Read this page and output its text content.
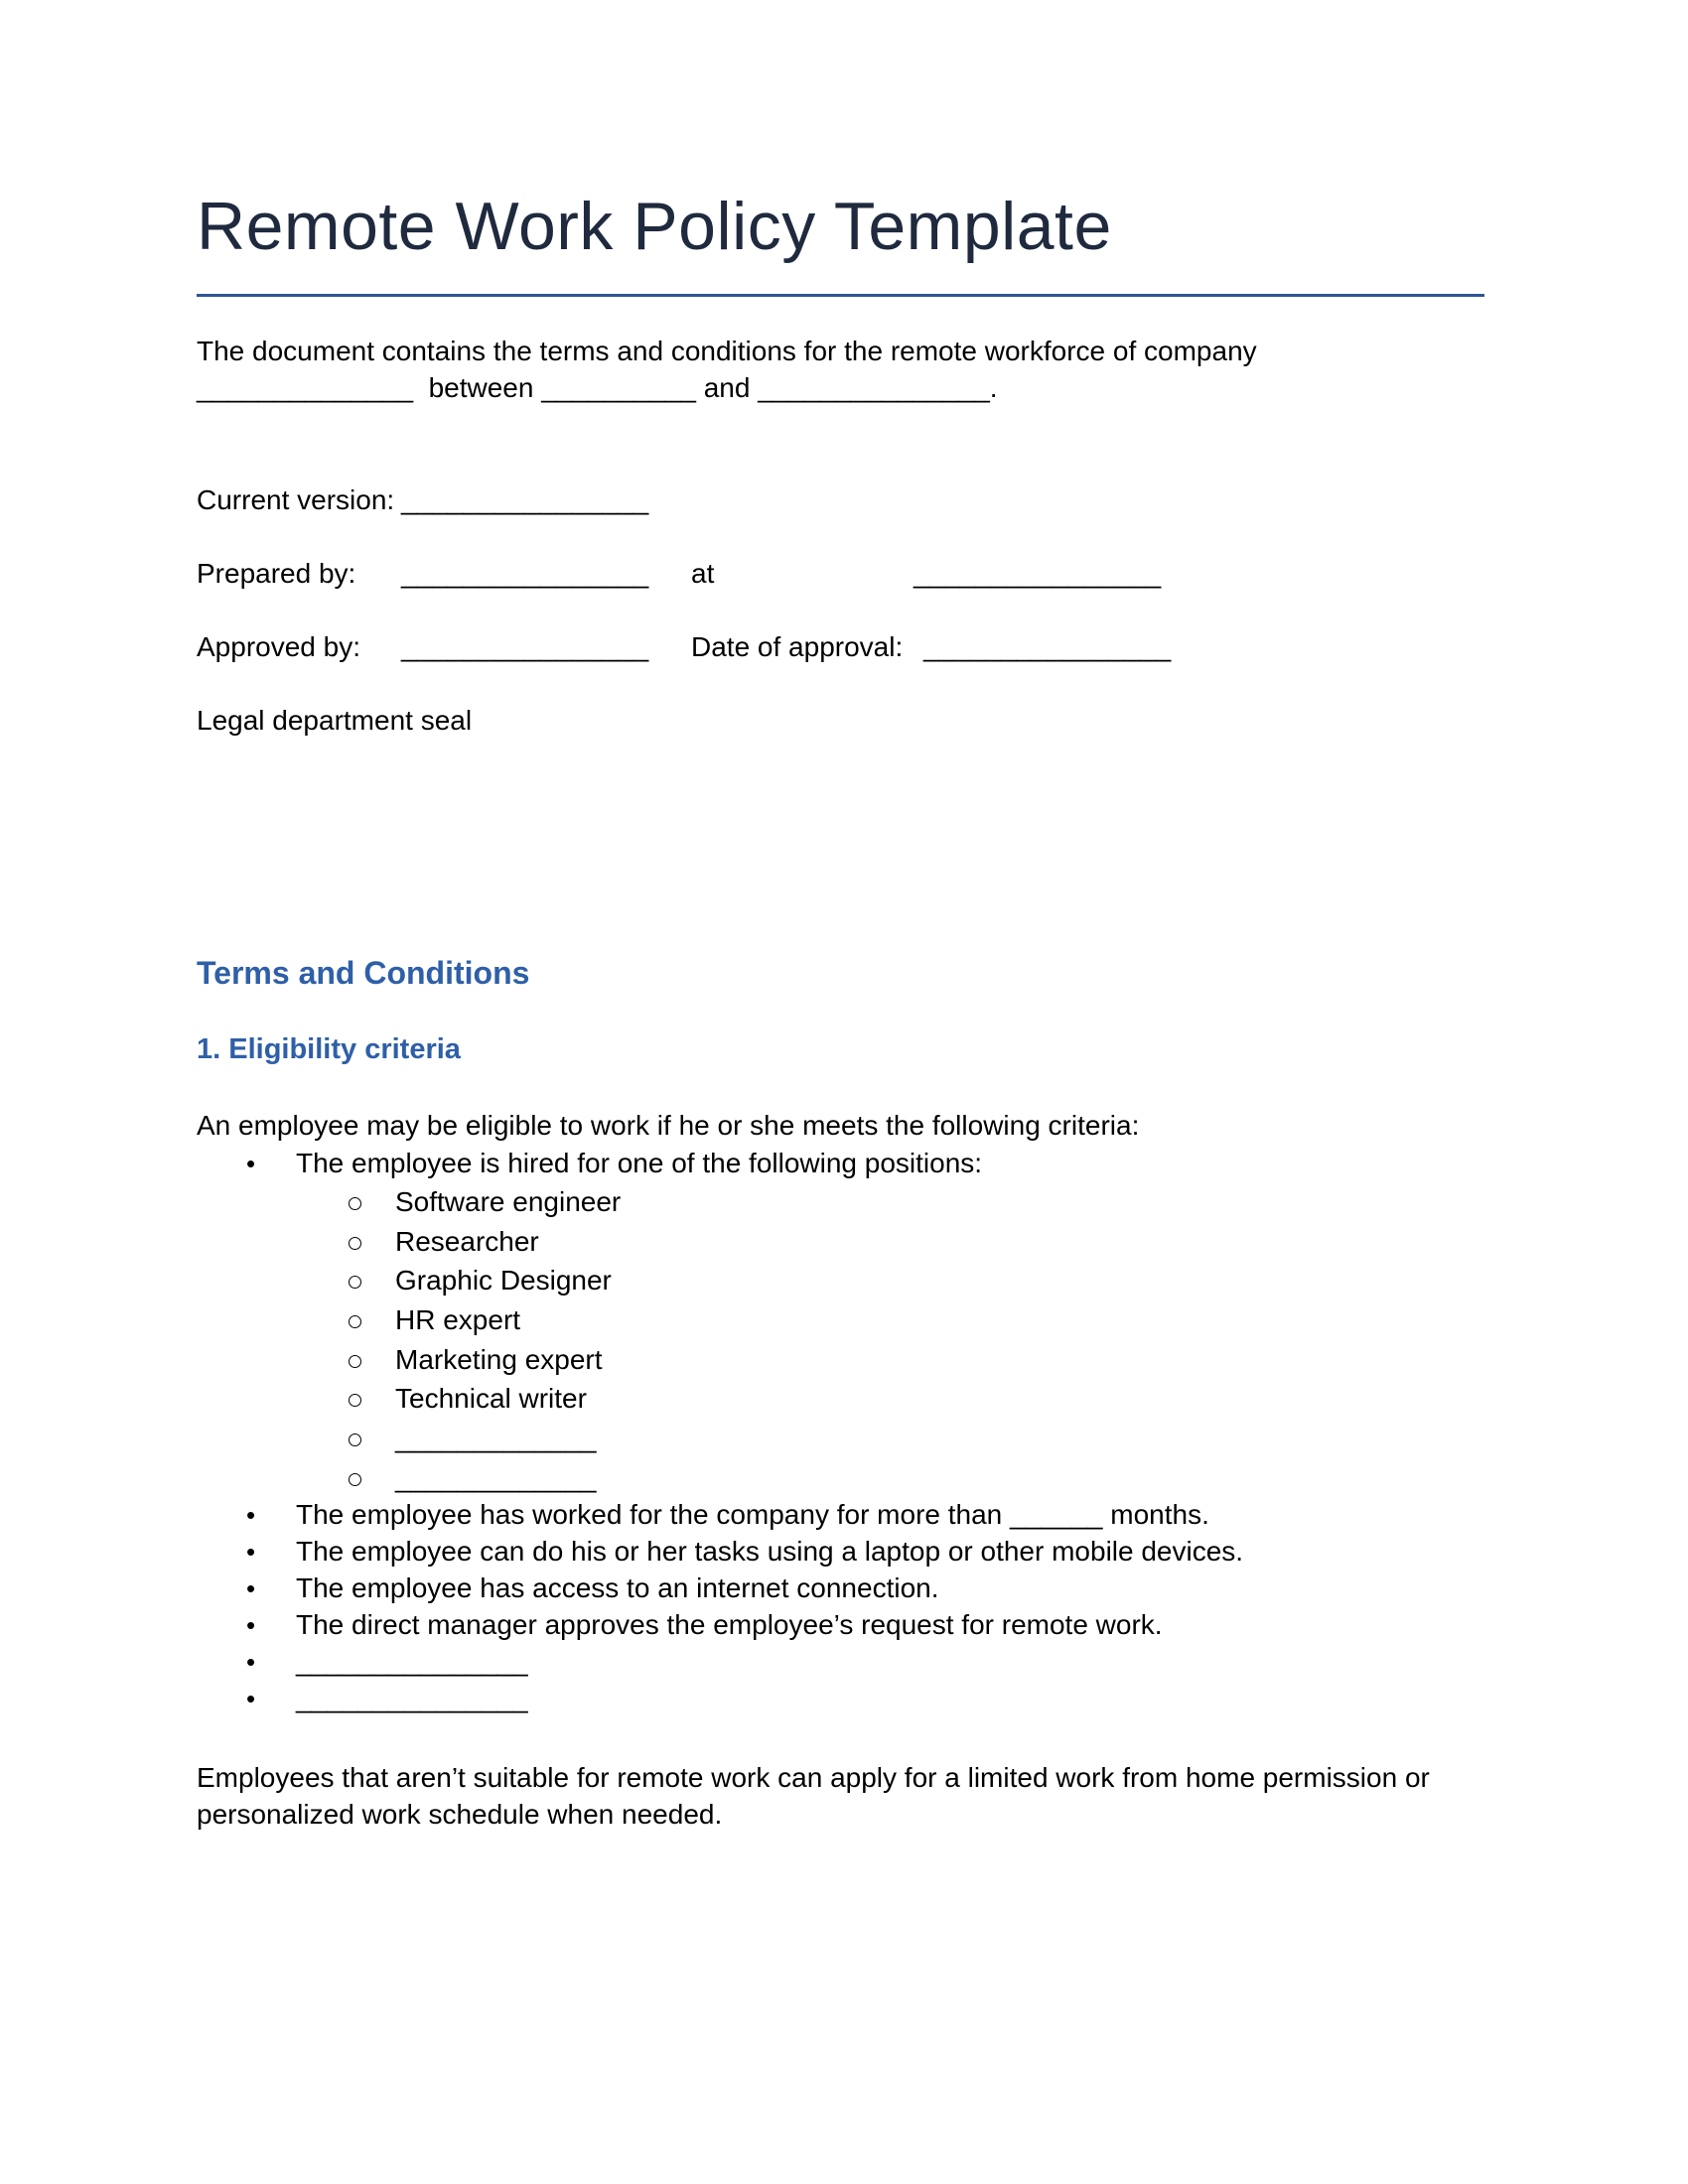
Remote Work Policy Template
The document contains the terms and conditions for the remote workforce of company
______________  between __________ and _______________.
Current version: ________________
Prepared by: ________________ at	________________
Approved by: ________________ Date of approval: ________________
Legal department seal
Terms and Conditions
1. Eligibility criteria
An employee may be eligible to work if he or she meets the following criteria:
• The employee is hired for one of the following positions:
Software engineer
Researcher
Graphic Designer
HR expert
Marketing expert
Technical writer
_____________
_____________
• The employee has worked for the company for more than ______ months.
• The employee can do his or her tasks using a laptop or other mobile devices.
• The employee has access to an internet connection.
• The direct manager approves the employee’s request for remote work.
• _______________
• _______________
Employees that aren’t suitable for remote work can apply for a limited work from home permission or
personalized work schedule when needed.
